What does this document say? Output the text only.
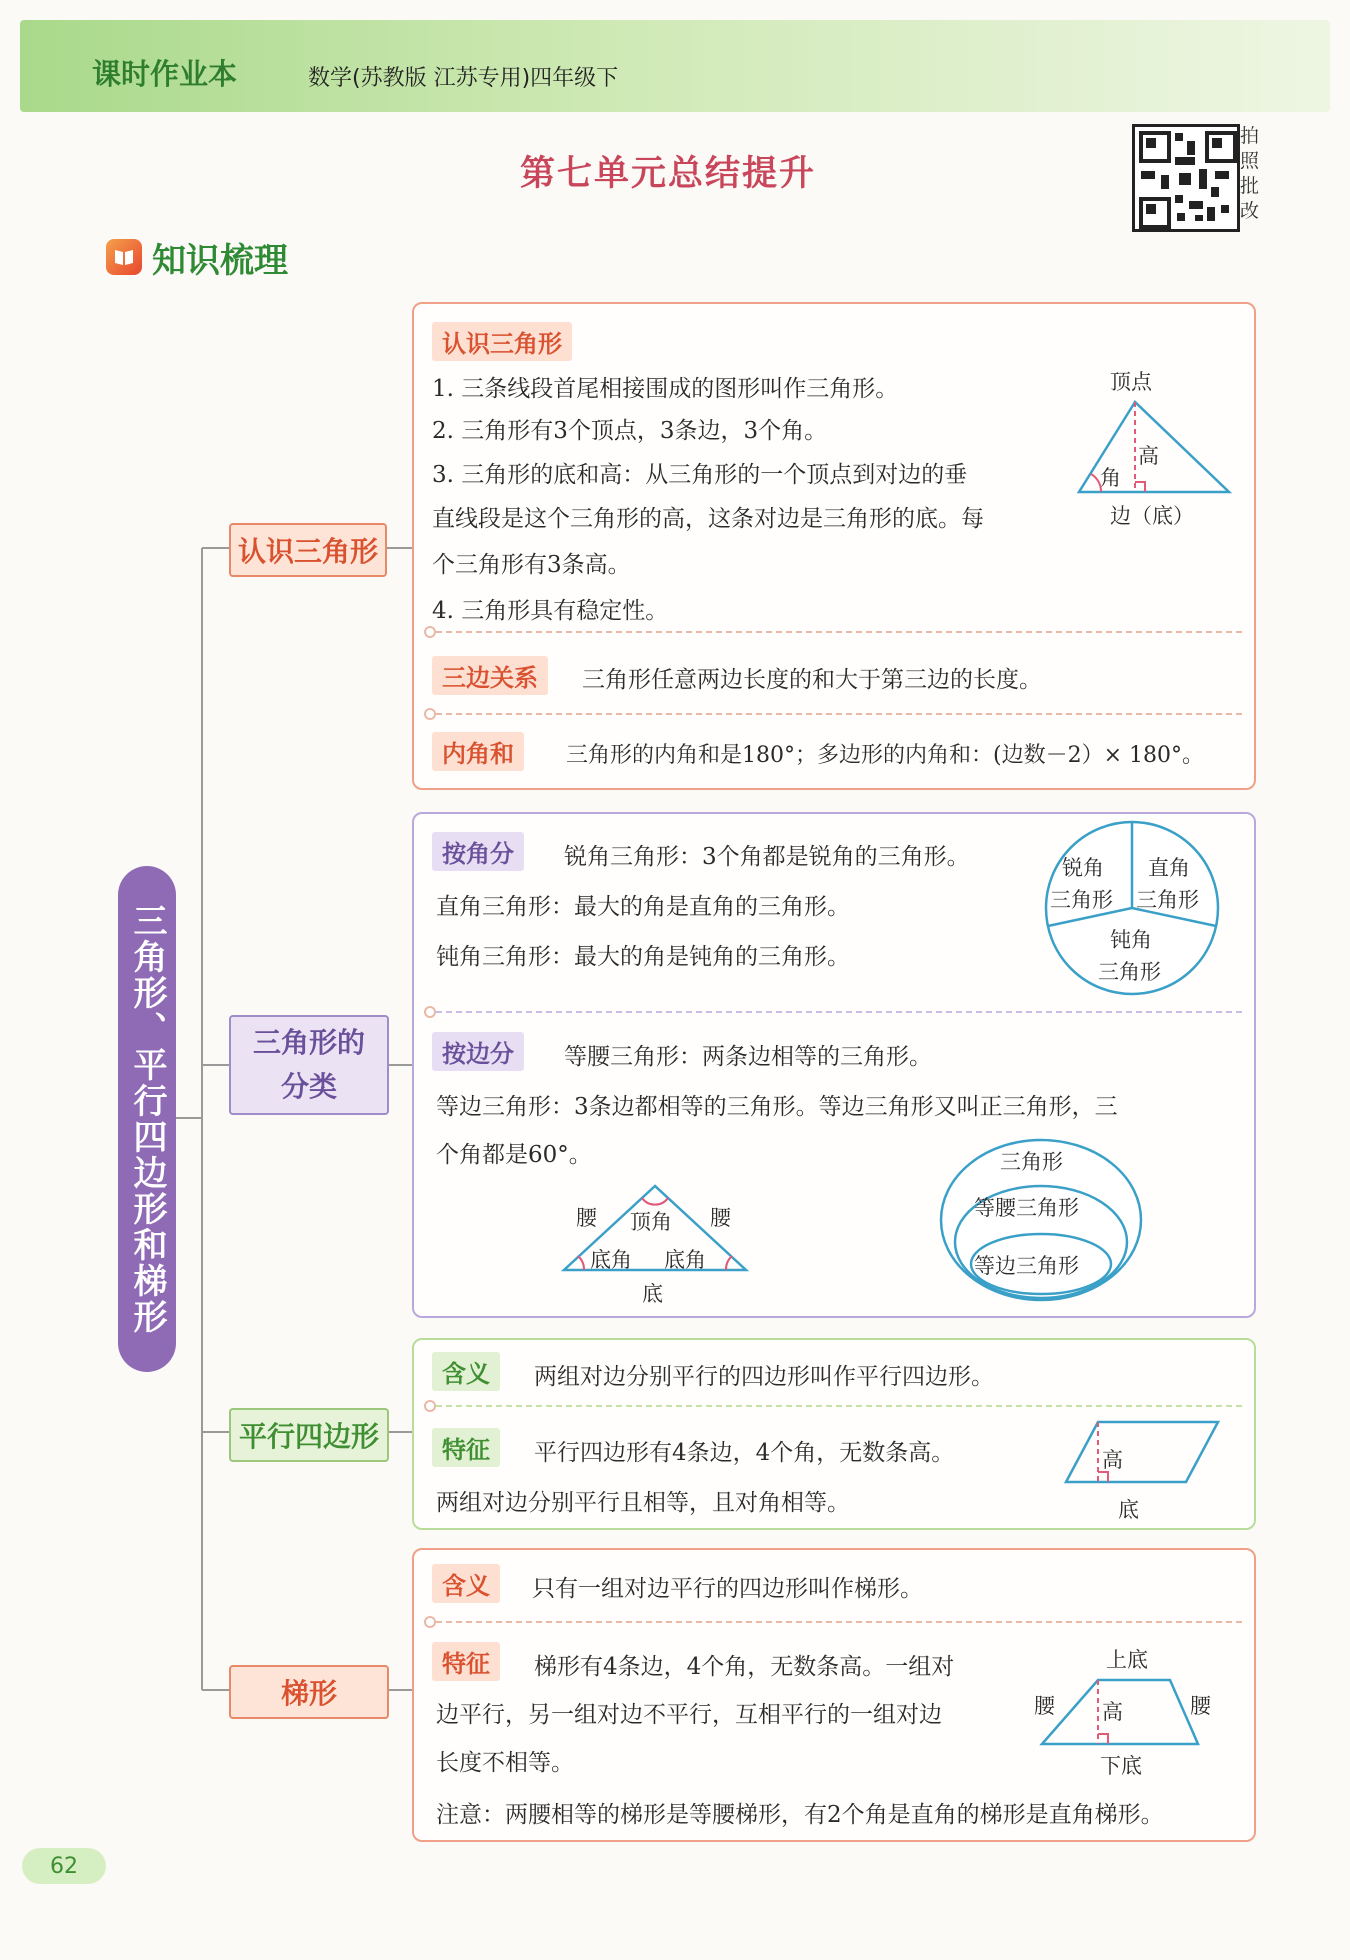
课时作业本	数学(苏教版 江苏专用)四年级下
第七单元总结提升
拍照批改
知识梳理
三角形、平行四边形和梯形
认识三角形
三角形的分类
平行四边形
梯形
认识三角形
1. 三条线段首尾相接围成的图形叫作三角形。
2. 三角形有3个顶点，3条边，3个角。
3. 三角形的底和高：从三角形的一个顶点到对边的垂
直线段是这个三角形的高，这条对边是三角形的底。每
个三角形有3条高。
4. 三角形具有稳定性。
顶点
高
角
边（底）
三边关系	三角形任意两边长度的和大于第三边的长度。
内角和	三角形的内角和是180°；多边形的内角和：(边数－2）× 180°。
按角分	锐角三角形：3个角都是锐角的三角形。
直角三角形：最大的角是直角的三角形。
钝角三角形：最大的角是钝角的三角形。
锐角
三角形
直角
三角形
钝角
三角形
按边分	等腰三角形：两条边相等的三角形。
等边三角形：3条边都相等的三角形。等边三角形又叫正三角形，三
个角都是60°。
腰	腰
顶角
底角 底角
底
三角形
等腰三角形
等边三角形
含义	两组对边分别平行的四边形叫作平行四边形。
特征	平行四边形有4条边，4个角，无数条高。
两组对边分别平行且相等，且对角相等。
高
底
含义	只有一组对边平行的四边形叫作梯形。
特征	梯形有4条边，4个角，无数条高。一组对
边平行，另一组对边不平行，互相平行的一组对边
长度不相等。
注意：两腰相等的梯形是等腰梯形，有2个角是直角的梯形是直角梯形。
上底
腰	腰
高
下底
62
